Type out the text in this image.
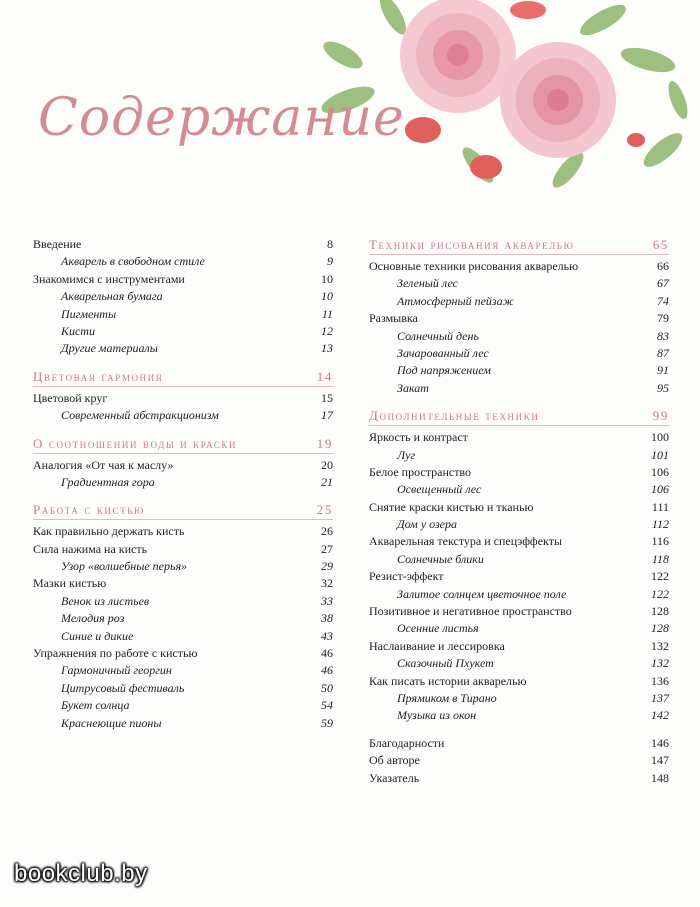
Содержание
Введение	8
Акварель в свободном стиле	9
Знакомимся с инструментами	10
Акварельная бумага	10
Пигменты	11
Кисти	12
Другие материалы	13
Цветовая гармония	14
Цветовой круг	15
Современный абстракционизм	17
О соотношении воды и краски	19
Аналогия «От чая к маслу»	20
Градиентная гора	21
Работа с кистью	25
Как правильно держать кисть	26
Сила нажима на кисть	27
Узор «волшебные перья»	29
Мазки кистью	32
Венок из листьев	33
Мелодия роз	38
Синие и дикие	43
Упражнения по работе с кистью	46
Гармоничный георгин	46
Цитрусовый фестиваль	50
Букет солнца	54
Краснеющие пионы	59
Техники рисования акварелью	65
Основные техники рисования акварелью	66
Зеленый лес	67
Атмосферный пейзаж	74
Размывка	79
Солнечный день	83
Зачарованный лес	87
Под напряжением	91
Закат	95
Дополнительные техники	99
Яркость и контраст	100
Луг	101
Белое пространство	106
Освещенный лес	106
Снятие краски кистью и тканью	111
Дом у озера	112
Акварельная текстура и спецэффекты	116
Солнечные блики	118
Резист-эффект	122
Залитое солнцем цветочное поле	122
Позитивное и негативное пространство	128
Осенние листья	128
Наслаивание и лессировка	132
Сказочный Пхукет	132
Как писать истории акварелью	136
Прямиком в Тирано	137
Музыка из окон	142
Благодарности	146
Об авторе	147
Указатель	148
bookclub.by
